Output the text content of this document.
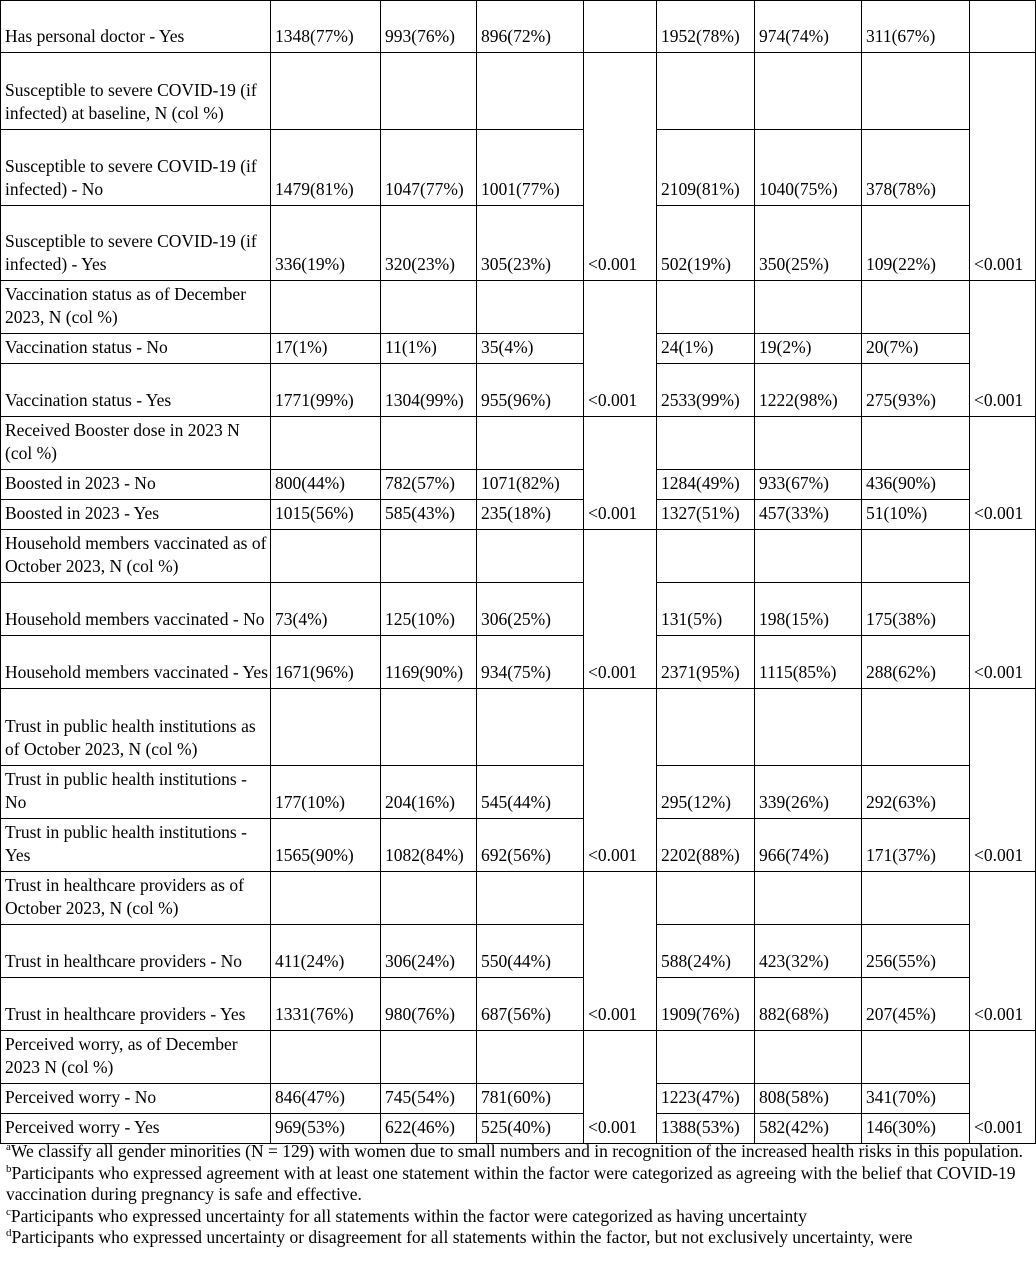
Has personal doctor - Yes	1348(77%)	993(76%)	896(72%)		1952(78%)	974(74%)	311(67%)	
Susceptible to severe COVID-19 (if infected) at baseline, N (col %)				<0.001				<0.001
Susceptible to severe COVID-19 (if infected) - No	1479(81%)	1047(77%)	1001(77%)		2109(81%)	1040(75%)	378(78%)	
Susceptible to severe COVID-19 (if infected) - Yes	336(19%)	320(23%)	305(23%)		502(19%)	350(25%)	109(22%)	
Vaccination status as of December 2023, N (col %)				<0.001				<0.001
Vaccination status - No	17(1%)	11(1%)	35(4%)		24(1%)	19(2%)	20(7%)	
Vaccination status - Yes	1771(99%)	1304(99%)	955(96%)		2533(99%)	1222(98%)	275(93%)	
Received Booster dose in 2023 N (col %)				<0.001				<0.001
Boosted in 2023 - No	800(44%)	782(57%)	1071(82%)		1284(49%)	933(67%)	436(90%)	
Boosted in 2023 - Yes	1015(56%)	585(43%)	235(18%)		1327(51%)	457(33%)	51(10%)	
Household members vaccinated as of October 2023, N (col %)				<0.001				<0.001
Household members vaccinated - No	73(4%)	125(10%)	306(25%)		131(5%)	198(15%)	175(38%)	
Household members vaccinated - Yes	1671(96%)	1169(90%)	934(75%)		2371(95%)	1115(85%)	288(62%)	
Trust in public health institutions as of October 2023, N (col %)				<0.001				<0.001
Trust in public health institutions - No	177(10%)	204(16%)	545(44%)		295(12%)	339(26%)	292(63%)	
Trust in public health institutions - Yes	1565(90%)	1082(84%)	692(56%)		2202(88%)	966(74%)	171(37%)	
Trust in healthcare providers as of October 2023, N (col %)				<0.001				<0.001
Trust in healthcare providers - No	411(24%)	306(24%)	550(44%)		588(24%)	423(32%)	256(55%)	
Trust in healthcare providers - Yes	1331(76%)	980(76%)	687(56%)		1909(76%)	882(68%)	207(45%)	
Perceived worry, as of December 2023 N (col %)				<0.001				<0.001
Perceived worry - No	846(47%)	745(54%)	781(60%)		1223(47%)	808(58%)	341(70%)	
Perceived worry - Yes	969(53%)	622(46%)	525(40%)		1388(53%)	582(42%)	146(30%)	

$^a$We classify all gender minorities (N = 129) with women due to small numbers and in recognition of the increased health risks in this population.

$^b$Participants who expressed agreement with at least one statement within the factor were categorized as agreeing with the belief that COVID-19 vaccination during pregnancy is safe and effective.

$^c$Participants who expressed uncertainty for all statements within the factor were categorized as having uncertainty

$^d$Participants who expressed uncertainty or disagreement for all statements within the factor, but not exclusively uncertainty, were
